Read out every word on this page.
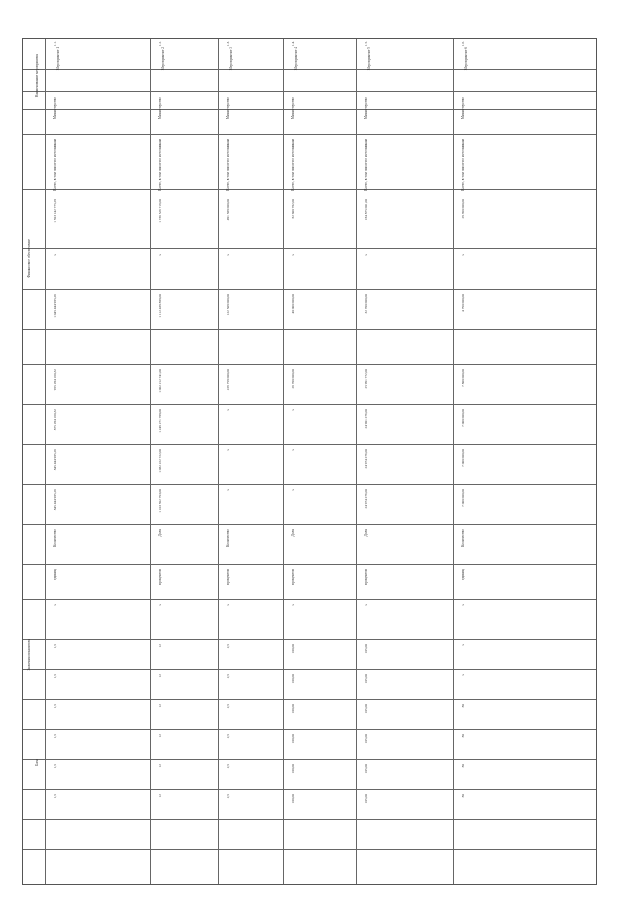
Финансовое обеспечение
Значения показателя
База
Наименование мероприятия
1.1.
Мероприятие 1
Министерство
Всего, в том числе по источникам
1 593 142 775,28
х
1 045 444 985,26
955 284 160,32
875 284 160,32
845 444 985,26
845 444 985,26
Количество
единиц
х
1,5
1,5
1,5
1,5
1,5
1,5
1.2.
Мероприятие 2
Министерство
Всего, в том числе по источникам
1 736 526 719,00
х
1 112 438 888,00
1 002 212 741,00
1 249 271 788,00
1 082 222 722,00
1 103 592 793,00
Доля
процентов
х
12
12
12
12
12
12
1.3.
Мероприятие 3
Министерство
Всего, в том числе по источникам
491 588 000,00
х
122 508 000,00
229 758 000,00
х
х
х
Количество
процентов
х
2,5
2,5
2,5
2,5
2,5
2,5
1.4.
Мероприятие 4
Министерство
Всего, в том числе по источникам
82 600 782,00
х
40 000 000,00
26 700 000,00
х
х
х
Доля
процентов
х
100,00
100,00
100,00
100,00
100,00
100,00
1.5.
Мероприятие 5
Министерство
Всего, в том числе по источникам
184 875 001,00
х
32 700 000,00
25 991 772,00
24 901 276,00
24 974 276,00
24 974 276,00
Доля
процентов
х
105,00
105,00
105,00
105,00
105,00
105,00
1.6.
Мероприятие 6
Министерство
Всего, в том числе по источникам
29 390 000,00
х
4 790 000,00
7 800 000,00
7 000 000,00
7 000 000,00
7 000 000,00
Количество
единиц
х
х
х
80
80
80
80
